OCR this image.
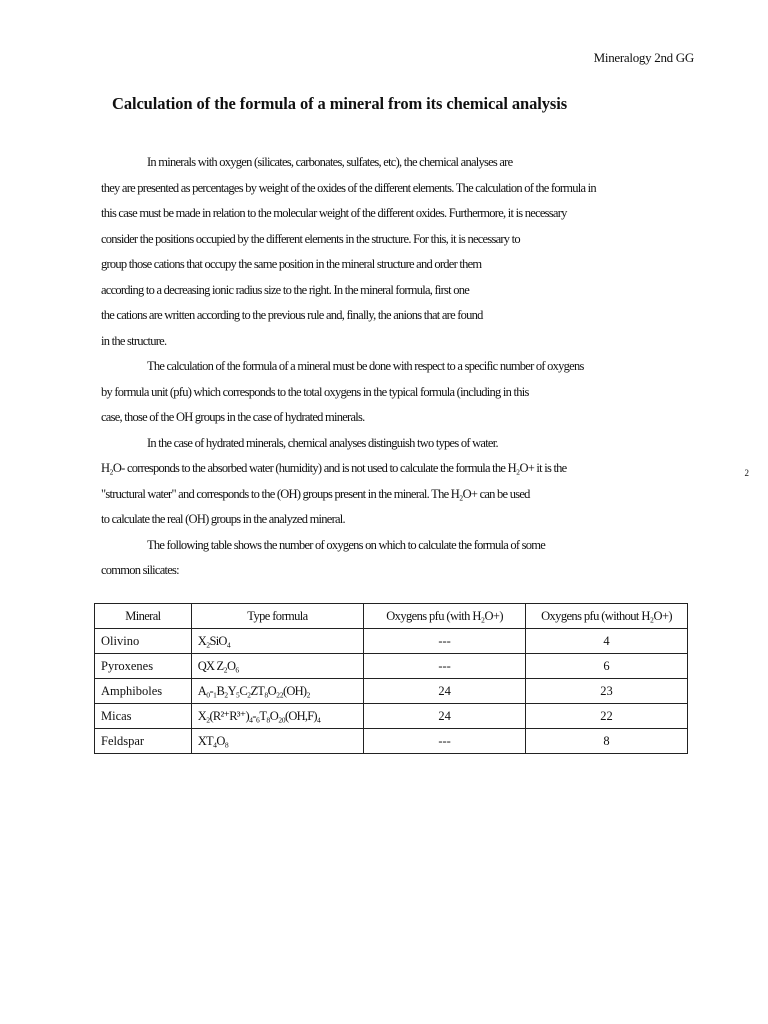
Mineralogy 2nd GG
Calculation of the formula of a mineral from its chemical analysis
In minerals with oxygen (silicates, carbonates, sulfates, etc), the chemical analyses are
they are presented as percentages by weight of the oxides of the different elements. The calculation of the formula in
this case must be made in relation to the molecular weight of the different oxides. Furthermore, it is necessary
consider the positions occupied by the different elements in the structure. For this, it is necessary to
group those cations that occupy the same position in the mineral structure and order them
according to a decreasing ionic radius size to the right. In the mineral formula, first one
the cations are written according to the previous rule and, finally, the anions that are found
in the structure.
The calculation of the formula of a mineral must be done with respect to a specific number of oxygens
by formula unit (pfu) which corresponds to the total oxygens in the typical formula (including in this
case, those of the OH groups in the case of hydrated minerals.
In the case of hydrated minerals, chemical analyses distinguish two types of water.
H₂O- corresponds to the absorbed water (humidity) and is not used to calculate the formula the H₂O+ it is the	2
"structural water" and corresponds to the (OH) groups present in the mineral. The H₂O+ can be used
to calculate the real (OH) groups in the analyzed mineral.
The following table shows the number of oxygens on which to calculate the formula of some
common silicates:
Mineral	Type formula	Oxygens pfu (with H₂O+)	Oxygens pfu (without H₂O+)
Olivino	X₂SiO₄	---	4
Pyroxenes	QX Z₂O₆	---	6
Amphiboles	A₀-₁B₂Y₅C₂ZT₈O₂₂(OH)₂	24	23
Micas	X₂(R²⁺R³⁺)₄-₆T₈O₂₀(OH,F)₄	24	22
Feldspar	XT₄O₈	---	8
